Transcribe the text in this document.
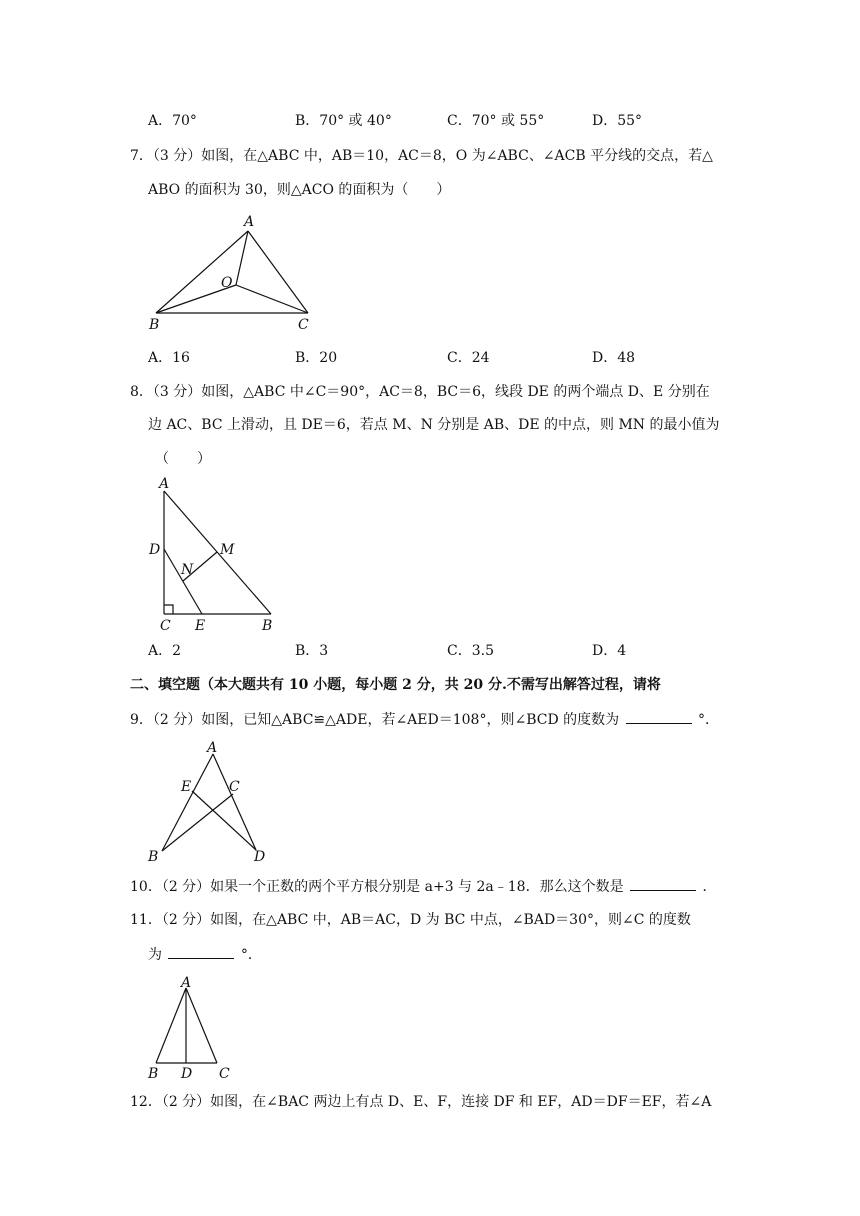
A．70°	B．70° 或 40°	C．70° 或 55°	D．55°
7．（3 分）如图，在△ABC 中，AB＝10，AC＝8，O 为∠ABC、∠ACB 平分线的交点，若△
ABO 的面积为 30，则△ACO 的面积为（　　）
A
O
B	C
A．16	B．20	C．24	D．48
8．（3 分）如图，△ABC 中∠C＝90°，AC＝8，BC＝6，线段 DE 的两个端点 D、E 分别在
边 AC、BC 上滑动，且 DE＝6，若点 M、N 分别是 AB、DE 的中点，则 MN 的最小值为
（　　）
A
D	M
N
C E	B
A．2	B．3	C．3.5	D．4
二、填空题（本大题共有 10 小题，每小题 2 分，共 20 分.不需写出解答过程，请将
9．（2 分）如图，已知△ABC≌△ADE，若∠AED＝108°，则∠BCD 的度数为	°．
A
E	C
B	D
10．（2 分）如果一个正数的两个平方根分别是 a+3 与 2a﹣18．那么这个数是	．
11．（2 分）如图，在△ABC 中，AB＝AC，D 为 BC 中点，∠BAD＝30°，则∠C 的度数
为	°．
A
B D C
12．（2 分）如图，在∠BAC 两边上有点 D、E、F，连接 DF 和 EF，AD＝DF＝EF，若∠A
